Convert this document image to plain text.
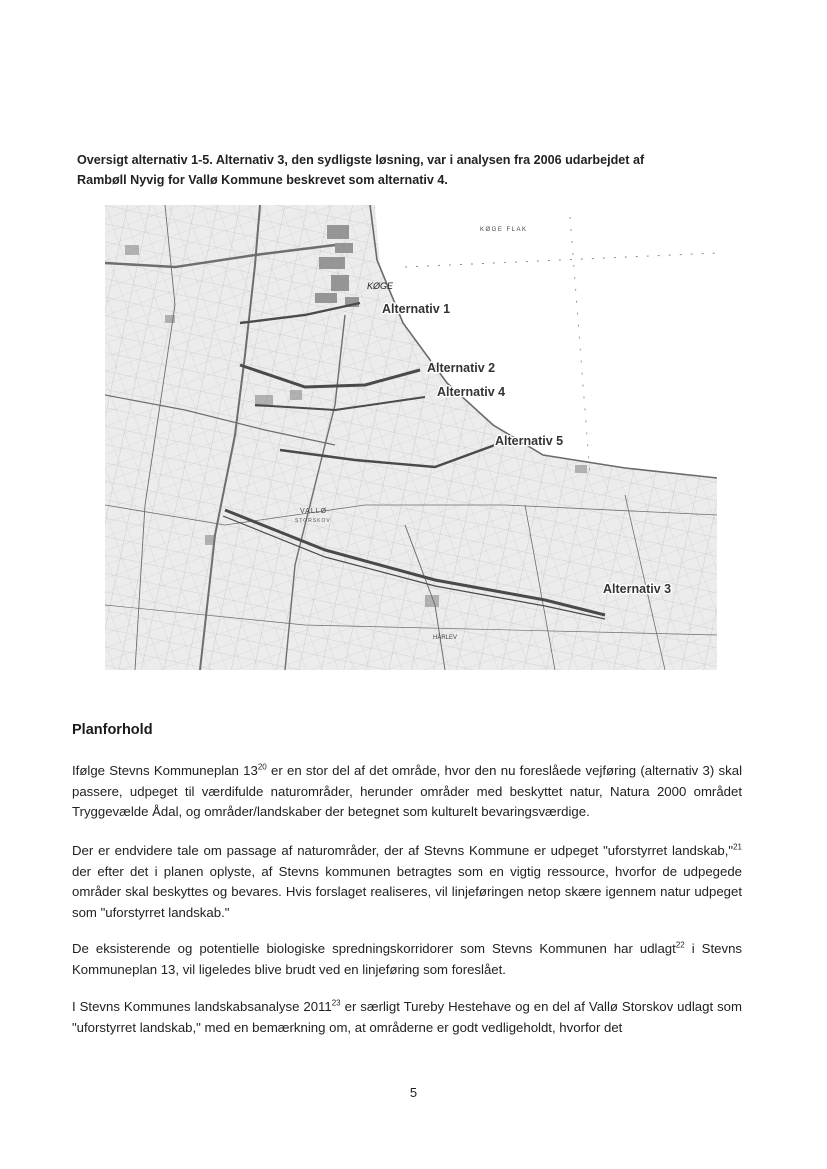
Oversigt alternativ 1-5. Alternativ 3, den sydligste løsning, var i analysen fra 2006 udarbejdet af
Rambøll Nyvig for Vallø Kommune beskrevet som alternativ 4.
KØGE FLAK
KØGE
VALLØ
STORSKOV
HÅRLEV
Alternativ 1
Alternativ 2
Alternativ 4
Alternativ 5
Alternativ 3
Planforhold

Ifølge Stevns Kommuneplan $13^{20}$ er en stor del af det område, hvor den nu foreslåede vejføring (alternativ 3) skal passere, udpeget til værdifulde naturområder, herunder områder med beskyttet natur, Natura 2000 området Tryggevælde Ådal, og områder/landskaber der betegnet som kulturelt bevaringsværdige.

Der er endvidere tale om passage af naturområder, der af Stevns Kommune er udpeget "uforstyrret landskab,"$^{21}$ der efter det i planen oplyste, af Stevns kommunen betragtes som en vigtig ressource, hvorfor de udpegede områder skal beskyttes og bevares. Hvis forslaget realiseres, vil linjeføringen netop skære igennem natur udpeget som "uforstyrret landskab."

De eksisterende og potentielle biologiske spredningskorridorer som Stevns Kommunen har udlagt$^{22}$ i Stevns Kommuneplan 13, vil ligeledes blive brudt ved en linjeføring som foreslået.

I Stevns Kommunes landskabsanalyse 2011$^{23}$ er særligt Tureby Hestehave og en del af Vallø Storskov udlagt som "uforstyrret landskab," med en bemærkning om, at områderne er godt vedligeholdt, hvorfor det

5
